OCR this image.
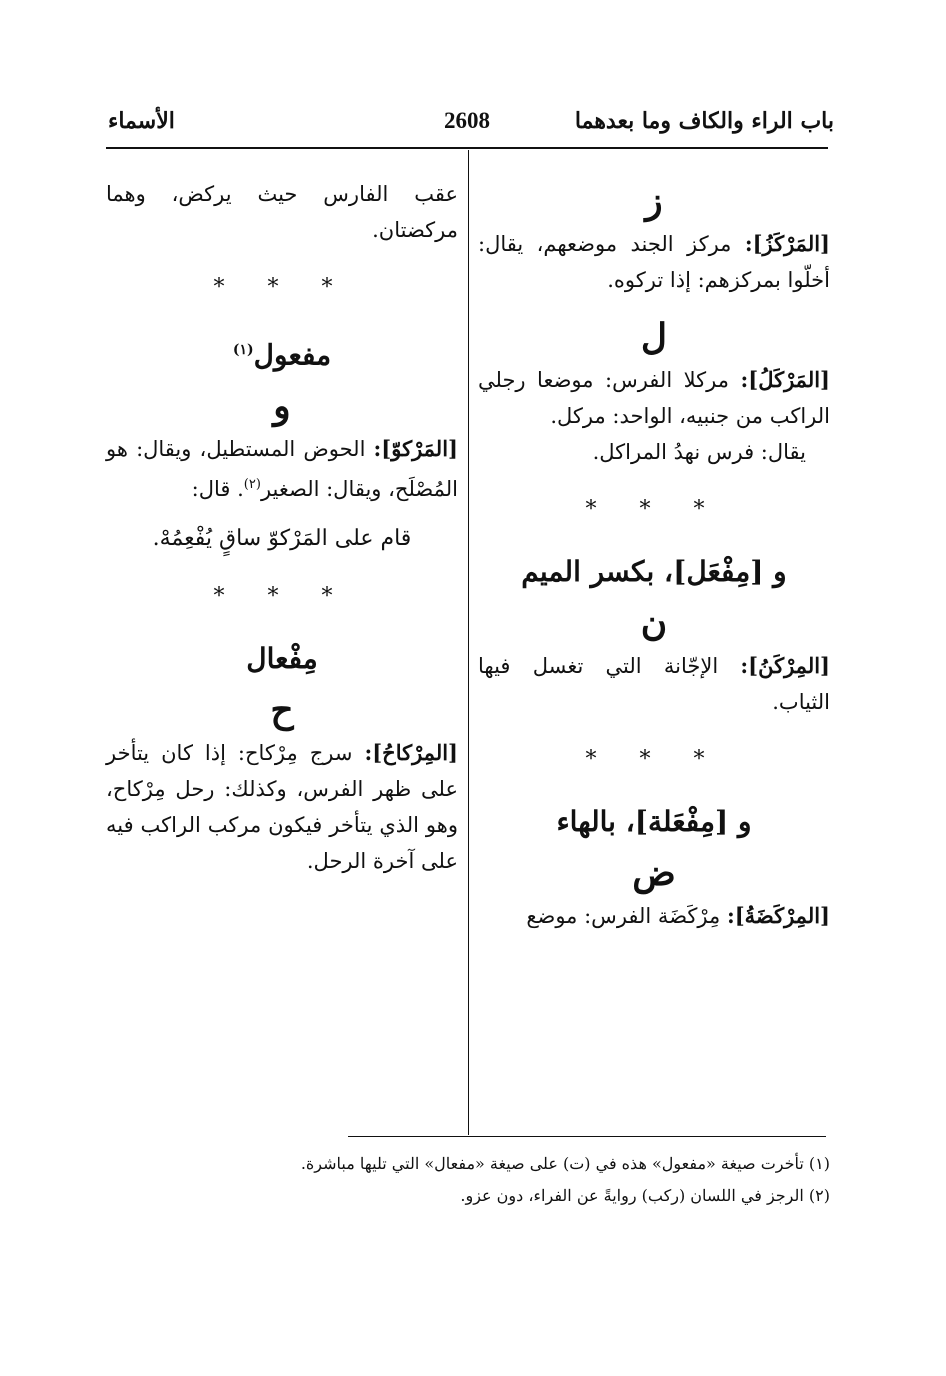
باب الراء والكاف وما بعدهما
2608
الأسماء
ز

[المَرْكَزُ]: مركز الجند موضعهم، يقال: أخلّوا بمركزهم: إذا تركوه.

ل

[المَرْكَلُ]: مركلا الفرس: موضعا رجلي الراكب من جنبيه، الواحد: مركل.

يقال: فرس نهدُ المراكل.

* * *
و [مِفْعَل]، بكسر الميم
ن

[المِرْكَنُ]: الإجّانة التي تغسل فيها الثياب.

* * *
و [مِفْعَلة]، بالهاء
ض

[المِرْكَضَةُ]: مِرْكَضَة الفرس: موضع

عقب الفارس حيث يركض، وهما مركضتان.

* * *
مفعول$^{(١)}$
و

[المَرْكوّ]: الحوض المستطيل، ويقال: هو المُصْلَح، ويقال: الصغير$^{(٢)}$. قال:

قام على المَرْكوّ ساقٍ يُفْعِمُهْ.
* * *
مِفْعال
ح

[المِرْكاحُ]: سرج مِرْكاح: إذا كان يتأخر على ظهر الفرس، وكذلك: رحل مِرْكاح، وهو الذي يتأخر فيكون مركب الراكب فيه على آخرة الرحل.

(١) تأخرت صيغة «مفعول» هذه في (ت) على صيغة «مفعال» التي تليها مباشرة.
(٢) الرجز في اللسان (ركب) روايةً عن الفراء، دون عزو.
